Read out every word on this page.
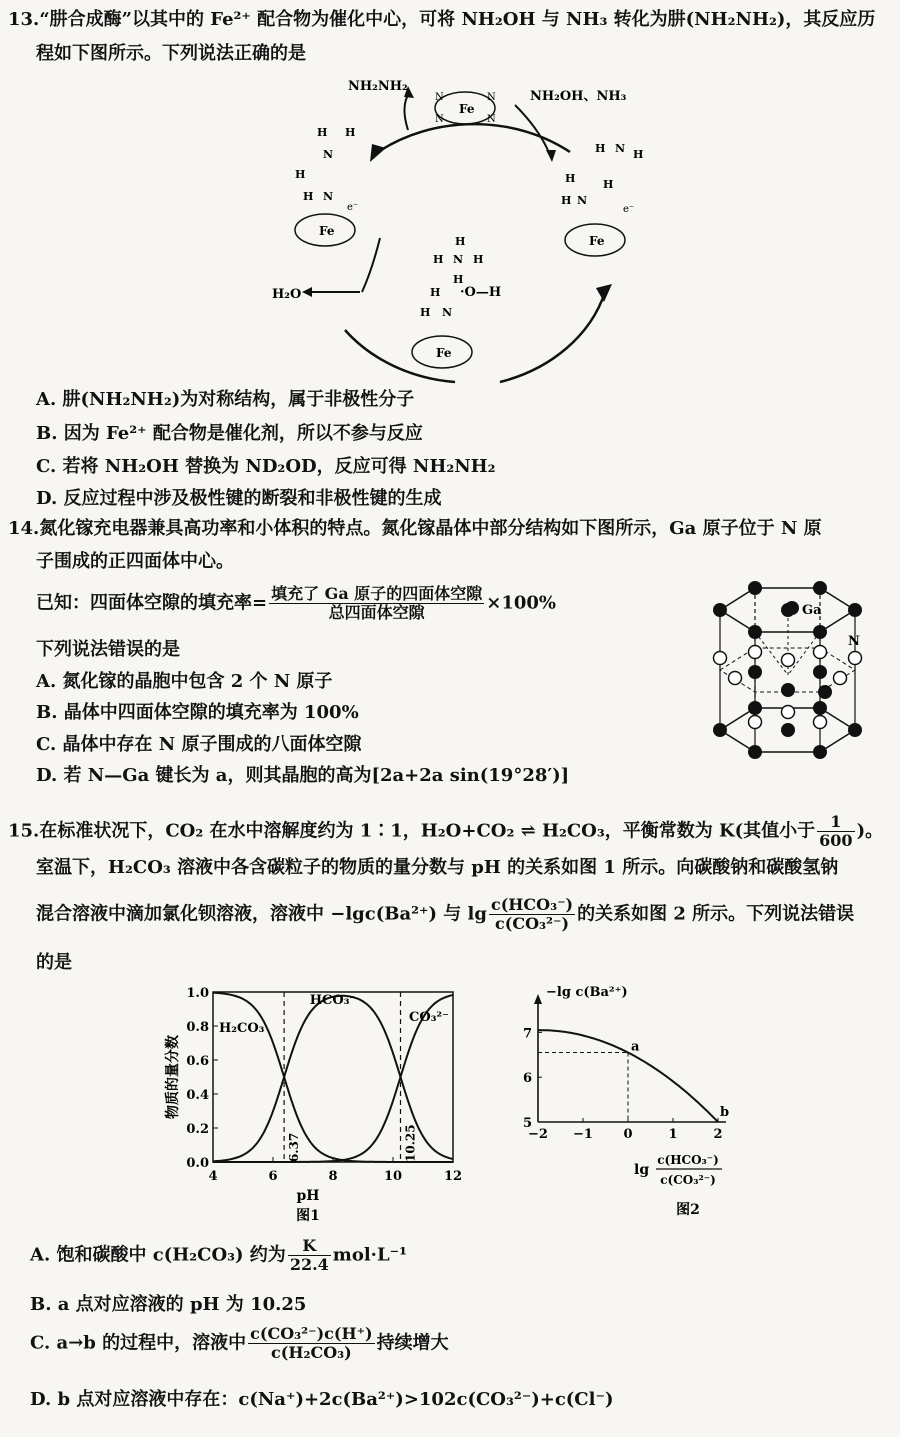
13.“肼合成酶”以其中的 Fe²⁺ 配合物为催化中心，可将 NH₂OH 与 NH₃ 转化为肼(NH₂NH₂)，其反应历
程如下图所示。下列说法正确的是
NH₂NH₂
NH₂OH、NH₃
H₂O	·O—H
Fe
N	N
N	N
H H
N
H
H N
e⁻
Fe
H N H
H	H
H N
e⁻
Fe
H
H N
Fe
H
H N H
H
A. 肼(NH₂NH₂)为对称结构，属于非极性分子
B. 因为 Fe²⁺ 配合物是催化剂，所以不参与反应
C. 若将 NH₂OH 替换为 ND₂OD，反应可得 NH₂NH₂
D. 反应过程中涉及极性键的断裂和非极性键的生成
14.氮化镓充电器兼具高功率和小体积的特点。氮化镓晶体中部分结构如下图所示，Ga 原子位于 N 原
子围成的正四面体中心。
已知：四面体空隙的填充率= $\frac{\text{填充了 Ga 原子的四面体空隙}}{\text{总四面体空隙}} \times 100\%$
下列说法错误的是
A. 氮化镓的晶胞中包含 2 个 N 原子
B. 晶体中四面体空隙的填充率为 100%
C. 晶体中存在 N 原子围成的八面体空隙
D. 若 N—Ga 键长为 a，则其晶胞的高为[2a+2a sin(19°28′)]
Ga
N
15.在标准状况下，CO₂ 在水中溶解度约为 1∶1，H₂O+CO₂ ⇌ H₂CO₃，平衡常数为 K(其值小于 $\frac{1}{600}$ )。
室温下，H₂CO₃ 溶液中各含碳粒子的物质的量分数与 pH 的关系如图 1 所示。向碳酸钠和碳酸氢钠
混合溶液中滴加氯化钡溶液，溶液中 −lgc(Ba²⁺) 与 $\lg \frac{\text{c(HCO₃⁻)}}{\text{c(CO₃²⁻)}}$ 的关系如图 2 所示。下列说法错误
的是
4	6	8	10	12
0.0
0.2
0.4
0.6
0.8
1.0
6.37	10.25
H₂CO₃
HCO₃⁻
CO₃²⁻
pH
物质的量分数
图1
−2 −1 0	1	2
5
6
7
a
b
−lg c(Ba²⁺)
lg
c(HCO₃⁻)
c(CO₃²⁻)
图2
A. 饱和碳酸中 c(H₂CO₃) 约为 $\frac{K}{22.4} mol\cdot L^{-1}$
B. a 点对应溶液的 pH 为 10.25
C. a→b 的过程中，溶液中 $\frac{\text{c(CO₃²⁻)c(H⁺)}}{\text{c(H₂CO₃)}}$ 持续增大
D. b 点对应溶液中存在：c(Na⁺)+2c(Ba²⁺)>102c(CO₃²⁻)+c(Cl⁻)
